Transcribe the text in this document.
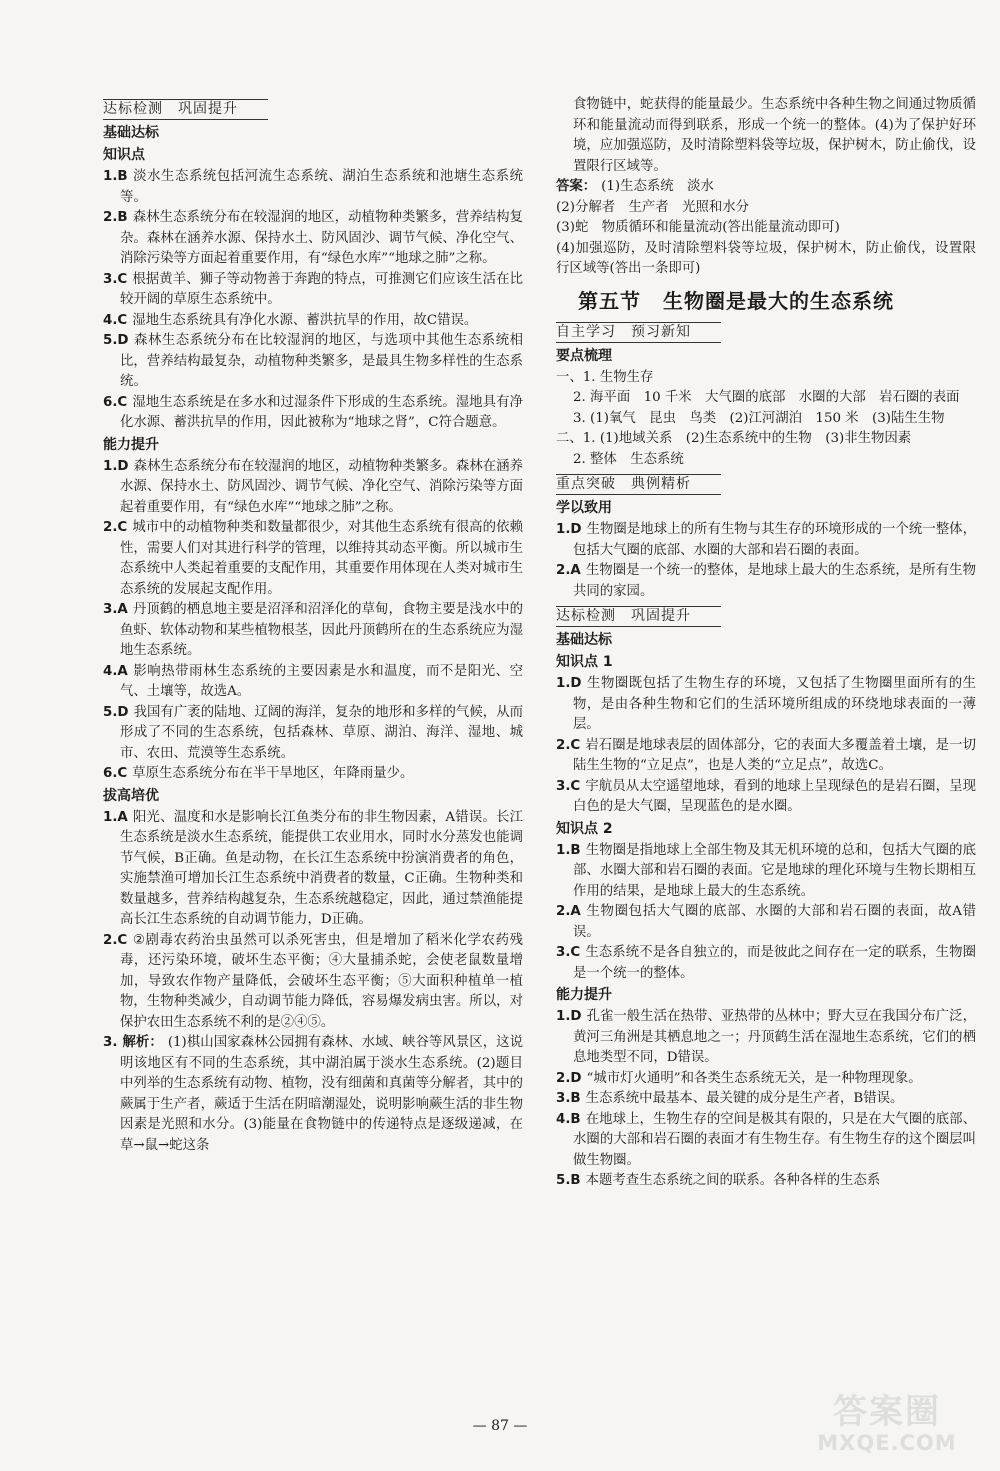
达标检测　巩固提升
基础达标
知识点

1.B 淡水生态系统包括河流生态系统、湖泊生态系统和池塘生态系统等。

2.B 森林生态系统分布在较湿润的地区，动植物种类繁多，营养结构复杂。森林在涵养水源、保持水土、防风固沙、调节气候、净化空气、消除污染等方面起着重要作用，有“绿色水库”“地球之肺”之称。

3.C 根据黄羊、狮子等动物善于奔跑的特点，可推测它们应该生活在比较开阔的草原生态系统中。

4.C 湿地生态系统具有净化水源、蓄洪抗旱的作用，故C错误。

5.D 森林生态系统分布在比较湿润的地区，与选项中其他生态系统相比，营养结构最复杂，动植物种类繁多，是最具生物多样性的生态系统。

6.C 湿地生态系统是在多水和过湿条件下形成的生态系统。湿地具有净化水源、蓄洪抗旱的作用，因此被称为“地球之肾”，C符合题意。

能力提升

1.D 森林生态系统分布在较湿润的地区，动植物种类繁多。森林在涵养水源、保持水土、防风固沙、调节气候、净化空气、消除污染等方面起着重要作用，有“绿色水库”“地球之肺”之称。

2.C 城市中的动植物种类和数量都很少，对其他生态系统有很高的依赖性，需要人们对其进行科学的管理，以维持其动态平衡。所以城市生态系统中人类起着重要的支配作用，其重要作用体现在人类对城市生态系统的发展起支配作用。

3.A 丹顶鹤的栖息地主要是沼泽和沼泽化的草甸，食物主要是浅水中的鱼虾、软体动物和某些植物根茎，因此丹顶鹤所在的生态系统应为湿地生态系统。

4.A 影响热带雨林生态系统的主要因素是水和温度，而不是阳光、空气、土壤等，故选A。

5.D 我国有广袤的陆地、辽阔的海洋，复杂的地形和多样的气候，从而形成了不同的生态系统，包括森林、草原、湖泊、海洋、湿地、城市、农田、荒漠等生态系统。

6.C 草原生态系统分布在半干旱地区，年降雨量少。

拔高培优

1.A 阳光、温度和水是影响长江鱼类分布的非生物因素，A错误。长江生态系统是淡水生态系统，能提供工农业用水，同时水分蒸发也能调节气候，B正确。鱼是动物，在长江生态系统中扮演消费者的角色，实施禁渔可增加长江生态系统中消费者的数量，C正确。生物种类和数量越多，营养结构越复杂，生态系统越稳定，因此，通过禁渔能提高长江生态系统的自动调节能力，D正确。

2.C ②剧毒农药治虫虽然可以杀死害虫，但是增加了稻米化学农药残毒，还污染环境，破坏生态平衡；④大量捕杀蛇，会使老鼠数量增加，导致农作物产量降低，会破坏生态平衡；⑤大面积种植单一植物，生物种类减少，自动调节能力降低，容易爆发病虫害。所以，对保护农田生态系统不利的是②④⑤。

3. 解析： (1)棋山国家森林公园拥有森林、水域、峡谷等风景区，这说明该地区有不同的生态系统，其中湖泊属于淡水生态系统。(2)题目中列举的生态系统有动物、植物，没有细菌和真菌等分解者，其中的蕨属于生产者，蕨适于生活在阴暗潮湿处，说明影响蕨生活的非生物因素是光照和水分。(3)能量在食物链中的传递特点是逐级递减，在草→鼠→蛇这条

食物链中，蛇获得的能量最少。生态系统中各种生物之间通过物质循环和能量流动而得到联系，形成一个统一的整体。(4)为了保护好环境，应加强巡防，及时清除塑料袋等垃圾，保护树木，防止偷伐，设置限行区域等。

答案： (1)生态系统　淡水

(2)分解者　生产者　光照和水分

(3)蛇　物质循环和能量流动(答出能量流动即可)

(4)加强巡防，及时清除塑料袋等垃圾，保护树木，防止偷伐，设置限行区域等(答出一条即可)

第五节 生物圈是最大的生态系统
自主学习　预习新知
要点梳理

一、1. 生物生存

2. 海平面　10 千米　大气圈的底部　水圈的大部　岩石圈的表面

3. (1)氧气　昆虫　鸟类　(2)江河湖泊　150 米　(3)陆生生物

二、1. (1)地域关系　(2)生态系统中的生物　(3)非生物因素

2. 整体　生态系统

重点突破　典例精析
学以致用

1.D 生物圈是地球上的所有生物与其生存的环境形成的一个统一整体，包括大气圈的底部、水圈的大部和岩石圈的表面。

2.A 生物圈是一个统一的整体，是地球上最大的生态系统，是所有生物共同的家园。

达标检测　巩固提升
基础达标
知识点 1

1.D 生物圈既包括了生物生存的环境，又包括了生物圈里面所有的生物，是由各种生物和它们的生活环境所组成的环绕地球表面的一薄层。

2.C 岩石圈是地球表层的固体部分，它的表面大多覆盖着土壤，是一切陆生生物的“立足点”，也是人类的“立足点”，故选C。

3.C 宇航员从太空遥望地球，看到的地球上呈现绿色的是岩石圈，呈现白色的是大气圈，呈现蓝色的是水圈。

知识点 2

1.B 生物圈是指地球上全部生物及其无机环境的总和，包括大气圈的底部、水圈大部和岩石圈的表面。它是地球的理化环境与生物长期相互作用的结果，是地球上最大的生态系统。

2.A 生物圈包括大气圈的底部、水圈的大部和岩石圈的表面，故A错误。

3.C 生态系统不是各自独立的，而是彼此之间存在一定的联系，生物圈是一个统一的整体。

能力提升

1.D 孔雀一般生活在热带、亚热带的丛林中；野大豆在我国分布广泛，黄河三角洲是其栖息地之一；丹顶鹤生活在湿地生态系统，它们的栖息地类型不同，D错误。

2.D “城市灯火通明”和各类生态系统无关，是一种物理现象。

3.B 生态系统中最基本、最关键的成分是生产者，B错误。

4.B 在地球上，生物生存的空间是极其有限的，只是在大气圈的底部、水圈的大部和岩石圈的表面才有生物生存。有生物生存的这个圈层叫做生物圈。

5.B 本题考查生态系统之间的联系。各种各样的生态系

— 87 —	答案圈
MXQE.COM
